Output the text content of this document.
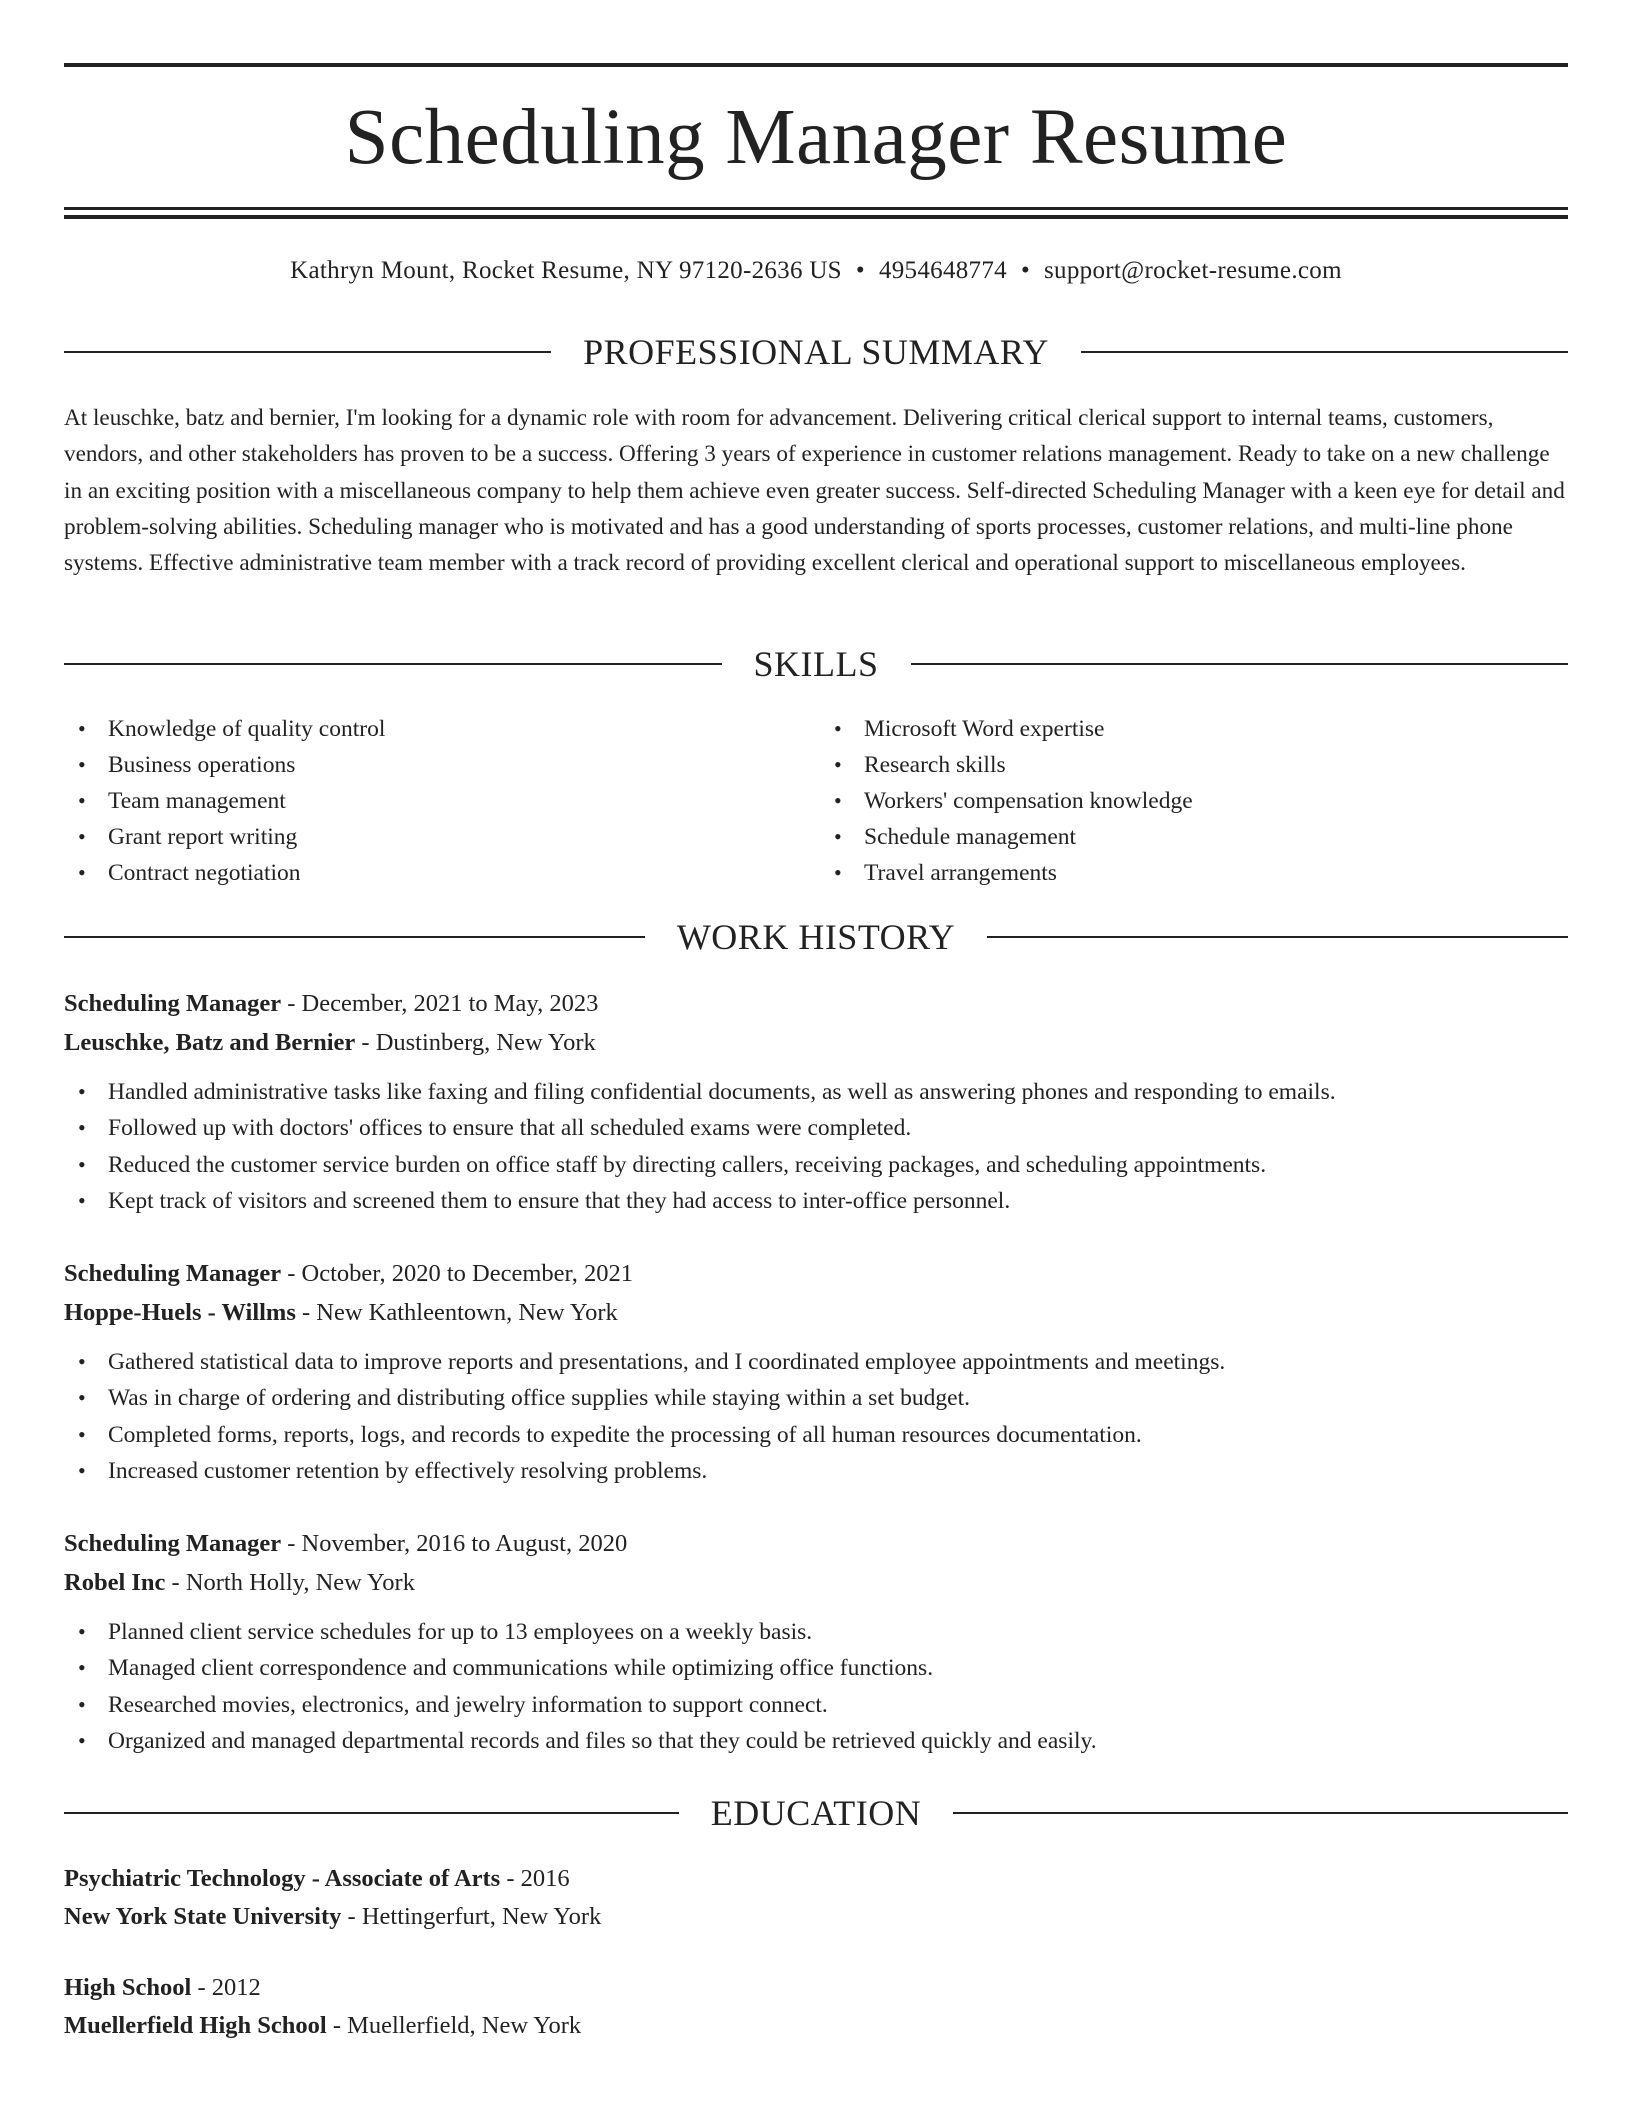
Scheduling Manager Resume
Kathryn Mount, Rocket Resume, NY 97120-2636 US • 4954648774 • support@rocket-resume.com
PROFESSIONAL SUMMARY
At leuschke, batz and bernier, I'm looking for a dynamic role with room for advancement. Delivering critical clerical support to internal teams, customers, vendors, and other stakeholders has proven to be a success. Offering 3 years of experience in customer relations management. Ready to take on a new challenge in an exciting position with a miscellaneous company to help them achieve even greater success. Self-directed Scheduling Manager with a keen eye for detail and problem-solving abilities. Scheduling manager who is motivated and has a good understanding of sports processes, customer relations, and multi-line phone systems. Effective administrative team member with a track record of providing excellent clerical and operational support to miscellaneous employees.
SKILLS
• Knowledge of quality control
• Business operations
• Team management
• Grant report writing
• Contract negotiation
• Microsoft Word expertise
• Research skills
• Workers' compensation knowledge
• Schedule management
• Travel arrangements
WORK HISTORY
Scheduling Manager - December, 2021 to May, 2023
Leuschke, Batz and Bernier - Dustinberg, New York
• Handled administrative tasks like faxing and filing confidential documents, as well as answering phones and responding to emails.
• Followed up with doctors' offices to ensure that all scheduled exams were completed.
• Reduced the customer service burden on office staff by directing callers, receiving packages, and scheduling appointments.
• Kept track of visitors and screened them to ensure that they had access to inter-office personnel.
Scheduling Manager - October, 2020 to December, 2021
Hoppe-Huels - Willms - New Kathleentown, New York
• Gathered statistical data to improve reports and presentations, and I coordinated employee appointments and meetings.
• Was in charge of ordering and distributing office supplies while staying within a set budget.
• Completed forms, reports, logs, and records to expedite the processing of all human resources documentation.
• Increased customer retention by effectively resolving problems.
Scheduling Manager - November, 2016 to August, 2020
Robel Inc - North Holly, New York
• Planned client service schedules for up to 13 employees on a weekly basis.
• Managed client correspondence and communications while optimizing office functions.
• Researched movies, electronics, and jewelry information to support connect.
• Organized and managed departmental records and files so that they could be retrieved quickly and easily.
EDUCATION
Psychiatric Technology - Associate of Arts - 2016
New York State University - Hettingerfurt, New York
High School - 2012
Muellerfield High School - Muellerfield, New York
